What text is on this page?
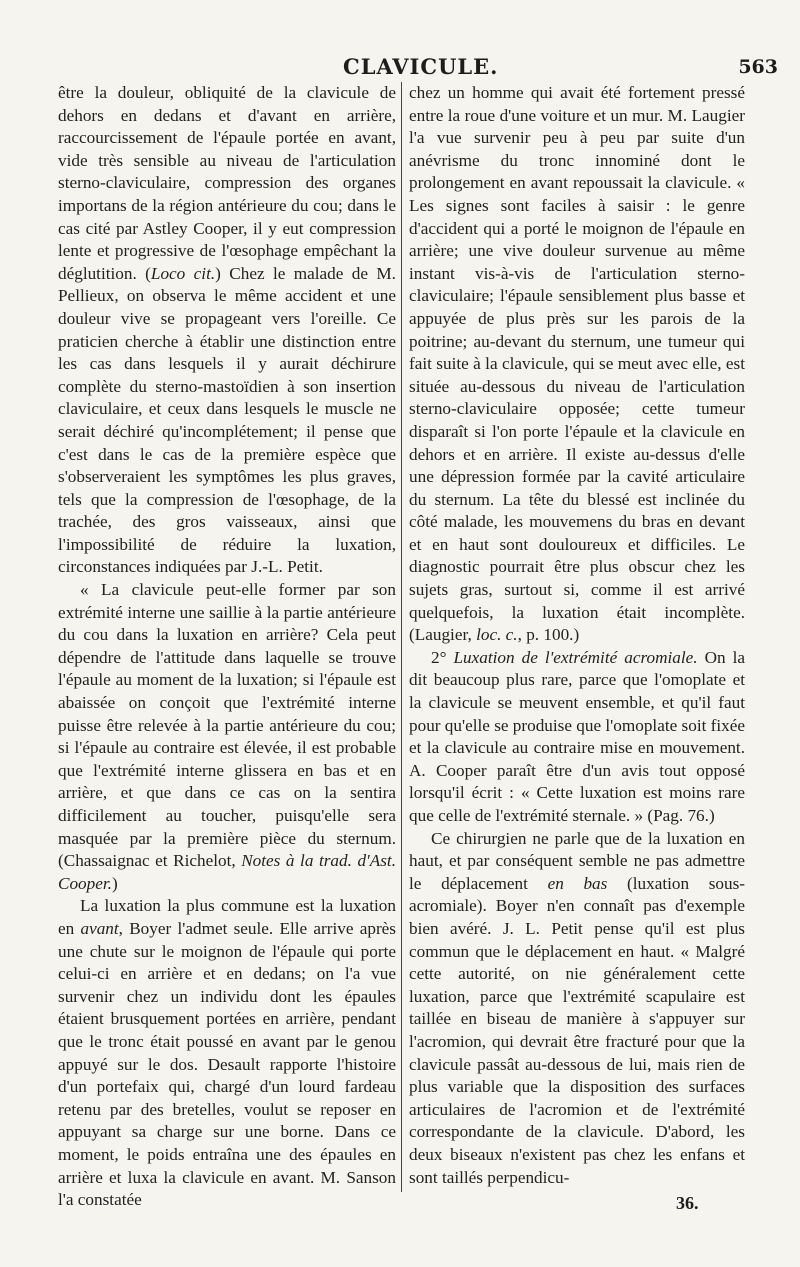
CLAVICULE.	563

être la douleur, obliquité de la clavicule de dehors en dedans et d'avant en arrière, raccourcissement de l'épaule portée en avant, vide très sensible au niveau de l'articulation sterno-claviculaire, compression des organes importans de la région antérieure du cou; dans le cas cité par Astley Cooper, il y eut compression lente et progressive de l'œsophage empêchant la déglutition. (Loco cit.) Chez le malade de M. Pellieux, on observa le même accident et une douleur vive se propageant vers l'oreille. Ce praticien cherche à établir une distinction entre les cas dans lesquels il y aurait déchirure complète du sterno-mastoïdien à son insertion claviculaire, et ceux dans lesquels le muscle ne serait déchiré qu'incomplétement; il pense que c'est dans le cas de la première espèce que s'observeraient les symptômes les plus graves, tels que la compression de l'œsophage, de la trachée, des gros vaisseaux, ainsi que l'impossibilité de réduire la luxation, circonstances indiquées par J.-L. Petit.

« La clavicule peut-elle former par son extrémité interne une saillie à la partie antérieure du cou dans la luxation en arrière? Cela peut dépendre de l'attitude dans laquelle se trouve l'épaule au moment de la luxation; si l'épaule est abaissée on conçoit que l'extrémité interne puisse être relevée à la partie antérieure du cou; si l'épaule au contraire est élevée, il est probable que l'extrémité interne glissera en bas et en arrière, et que dans ce cas on la sentira difficilement au toucher, puisqu'elle sera masquée par la première pièce du sternum. (Chassaignac et Richelot, Notes à la trad. d'Ast. Cooper.)

La luxation la plus commune est la luxation en avant, Boyer l'admet seule. Elle arrive après une chute sur le moignon de l'épaule qui porte celui-ci en arrière et en dedans; on l'a vue survenir chez un individu dont les épaules étaient brusquement portées en arrière, pendant que le tronc était poussé en avant par le genou appuyé sur le dos. Desault rapporte l'histoire d'un portefaix qui, chargé d'un lourd fardeau retenu par des bretelles, voulut se reposer en appuyant sa charge sur une borne. Dans ce moment, le poids entraîna une des épaules en arrière et luxa la clavicule en avant. M. Sanson l'a constatée

chez un homme qui avait été fortement pressé entre la roue d'une voiture et un mur. M. Laugier l'a vue survenir peu à peu par suite d'un anévrisme du tronc innominé dont le prolongement en avant repoussait la clavicule. « Les signes sont faciles à saisir : le genre d'accident qui a porté le moignon de l'épaule en arrière; une vive douleur survenue au même instant vis-à-vis de l'articulation sterno-claviculaire; l'épaule sensiblement plus basse et appuyée de plus près sur les parois de la poitrine; au-devant du sternum, une tumeur qui fait suite à la clavicule, qui se meut avec elle, est située au-dessous du niveau de l'articulation sterno-claviculaire opposée; cette tumeur disparaît si l'on porte l'épaule et la clavicule en dehors et en arrière. Il existe au-dessus d'elle une dépression formée par la cavité articulaire du sternum. La tête du blessé est inclinée du côté malade, les mouvemens du bras en devant et en haut sont douloureux et difficiles. Le diagnostic pourrait être plus obscur chez les sujets gras, surtout si, comme il est arrivé quelquefois, la luxation était incomplète. (Laugier, loc. c., p. 100.)

2° Luxation de l'extrémité acromiale. On la dit beaucoup plus rare, parce que l'omoplate et la clavicule se meuvent ensemble, et qu'il faut pour qu'elle se produise que l'omoplate soit fixée et la clavicule au contraire mise en mouvement. A. Cooper paraît être d'un avis tout opposé lorsqu'il écrit : « Cette luxation est moins rare que celle de l'extrémité sternale. » (Pag. 76.)

Ce chirurgien ne parle que de la luxation en haut, et par conséquent semble ne pas admettre le déplacement en bas (luxation sous-acromiale). Boyer n'en connaît pas d'exemple bien avéré. J. L. Petit pense qu'il est plus commun que le déplacement en haut. « Malgré cette autorité, on nie généralement cette luxation, parce que l'extrémité scapulaire est taillée en biseau de manière à s'appuyer sur l'acromion, qui devrait être fracturé pour que la clavicule passât au-dessous de lui, mais rien de plus variable que la disposition des surfaces articulaires de l'acromion et de l'extrémité correspondante de la clavicule. D'abord, les deux biseaux n'existent pas chez les enfans et sont taillés perpendicu-

36.
